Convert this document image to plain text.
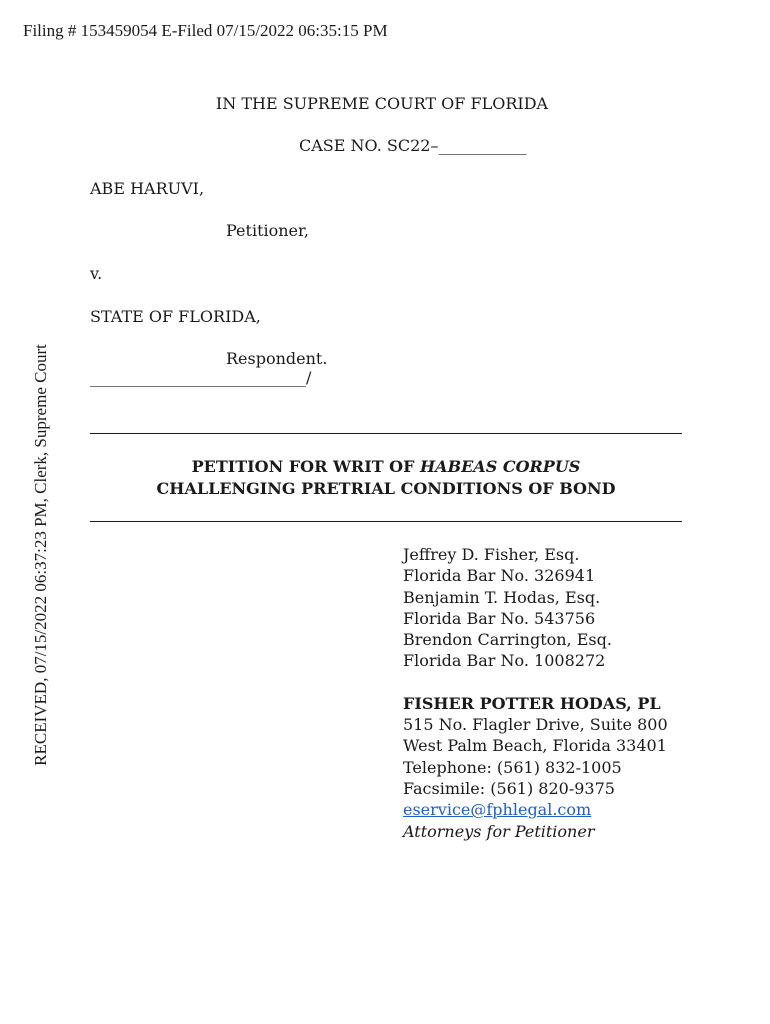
Filing # 153459054 E-Filed 07/15/2022 06:35:15 PM
RECEIVED, 07/15/2022 06:37:23 PM, Clerk, Supreme Court
IN THE SUPREME COURT OF FLORIDA
CASE NO. SC22–___________
ABE HARUVI,
Petitioner,
v.
STATE OF FLORIDA,
Respondent.
___________________________/
PETITION FOR WRIT OF HABEAS CORPUS
CHALLENGING PRETRIAL CONDITIONS OF BOND
Jeffrey D. Fisher, Esq.
Florida Bar No. 326941
Benjamin T. Hodas, Esq.
Florida Bar No. 543756
Brendon Carrington, Esq.
Florida Bar No. 1008272
FISHER POTTER HODAS, PL
515 No. Flagler Drive, Suite 800
West Palm Beach, Florida 33401
Telephone: (561) 832-1005
Facsimile: (561) 820-9375
eservice@fphlegal.com
Attorneys for Petitioner
